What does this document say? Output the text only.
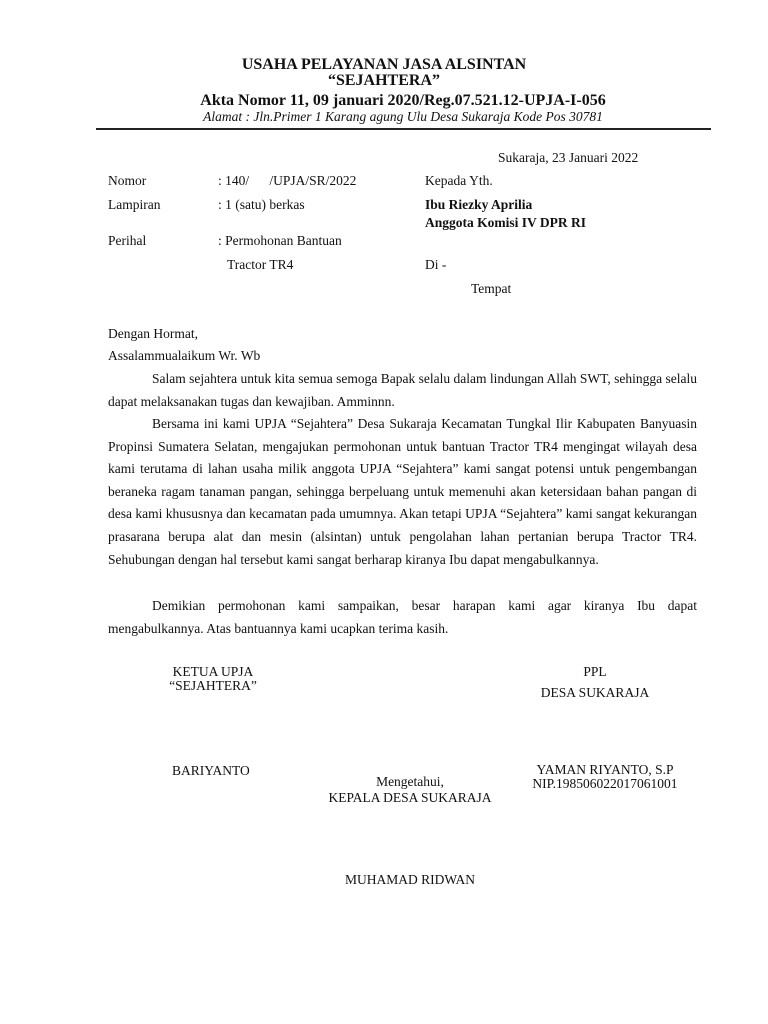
USAHA PELAYANAN JASA ALSINTAN
“SEJAHTERA”
Akta Nomor 11, 09 januari 2020/Reg.07.521.12-UPJA-I-056
Alamat : Jln.Primer 1 Karang agung Ulu Desa Sukaraja Kode Pos 30781
Sukaraja, 23 Januari 2022
Nomor	: 140/      /UPJA/SR/2022
Lampiran	: 1 (satu) berkas
Perihal	: Permohonan Bantuan
Tractor TR4
Kepada Yth.
Ibu Riezky Aprilia
Anggota Komisi IV DPR RI
Di -
Tempat
Dengan Hormat,
Assalammualaikum Wr. Wb
Salam sejahtera untuk kita semua semoga Bapak selalu dalam lindungan Allah SWT, sehingga selalu dapat melaksanakan tugas dan kewajiban. Amminnn.
Bersama ini kami UPJA “Sejahtera” Desa Sukaraja Kecamatan Tungkal Ilir Kabupaten Banyuasin Propinsi Sumatera Selatan, mengajukan permohonan untuk bantuan Tractor TR4 mengingat wilayah desa kami terutama di lahan usaha milik anggota UPJA “Sejahtera” kami sangat potensi untuk pengembangan beraneka ragam tanaman pangan, sehingga berpeluang untuk memenuhi akan ketersidaan bahan pangan di desa kami khususnya dan kecamatan pada umumnya. Akan tetapi UPJA “Sejahtera” kami sangat kekurangan prasarana berupa alat dan mesin (alsintan) untuk pengolahan lahan pertanian berupa Tractor TR4. Sehubungan dengan hal tersebut kami sangat berharap kiranya Ibu dapat mengabulkannya.
Demikian permohonan kami sampaikan, besar harapan kami agar kiranya Ibu dapat mengabulkannya. Atas bantuannya kami ucapkan terima kasih.
KETUA UPJA
“SEJAHTERA”
BARIYANTO
PPL
DESA SUKARAJA
YAMAN RIYANTO, S.P
NIP.198506022017061001
Mengetahui,
KEPALA DESA SUKARAJA
MUHAMAD RIDWAN
